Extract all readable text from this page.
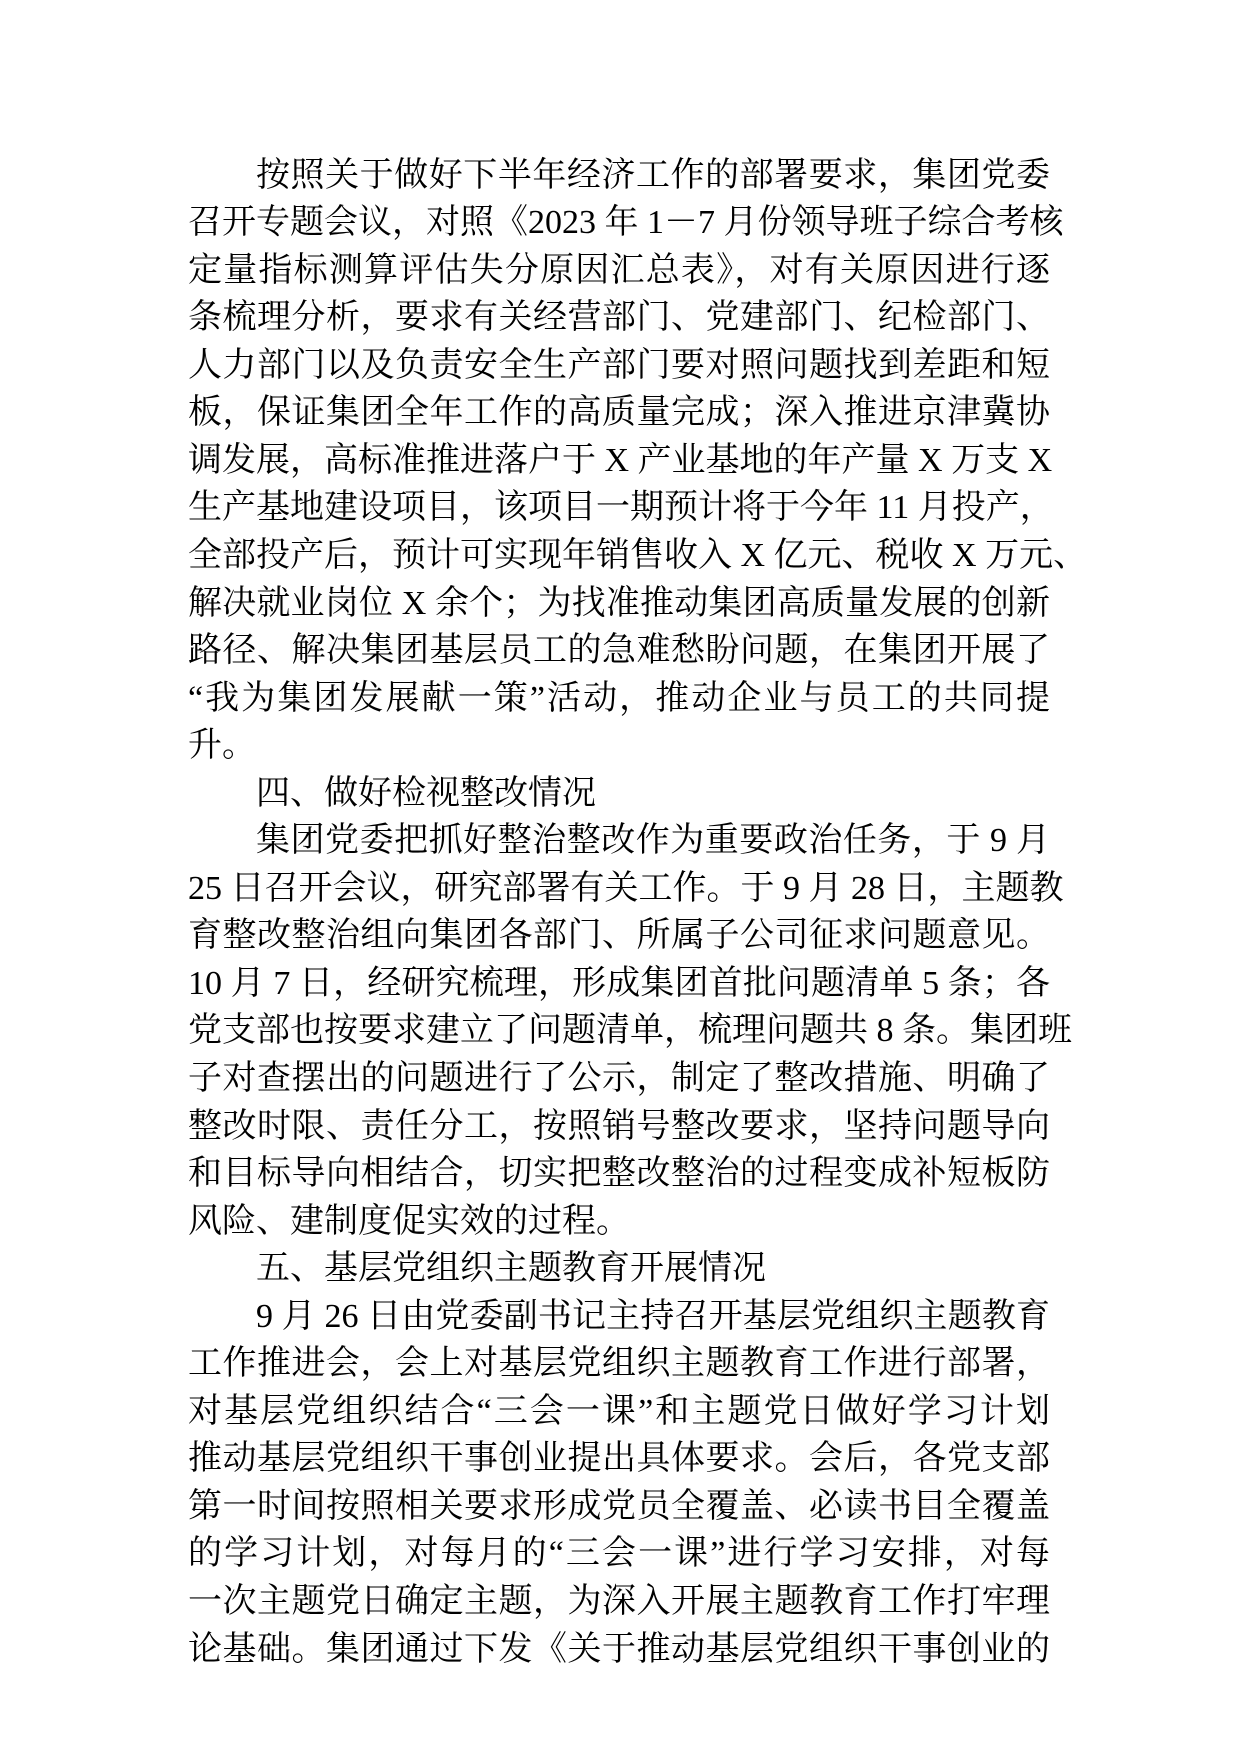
按照关于做好下半年经济工作的部署要求，集团党委
召开专题会议，对照《2023 年 1－7 月份领导班子综合考核
定量指标测算评估失分原因汇总表》，对有关原因进行逐
条梳理分析，要求有关经营部门、党建部门、纪检部门、
人力部门以及负责安全生产部门要对照问题找到差距和短
板，保证集团全年工作的高质量完成；深入推进京津冀协
调发展，高标准推进落户于 X 产业基地的年产量 X 万支 X
生产基地建设项目，该项目一期预计将于今年 11 月投产，
全部投产后，预计可实现年销售收入 X 亿元、税收 X 万元、
解决就业岗位 X 余个；为找准推动集团高质量发展的创新
路径、解决集团基层员工的急难愁盼问题，在集团开展了
“我为集团发展献一策”活动，推动企业与员工的共同提
升。
四、做好检视整改情况
集团党委把抓好整治整改作为重要政治任务，于 9 月
25 日召开会议，研究部署有关工作。于 9 月 28 日，主题教
育整改整治组向集团各部门、所属子公司征求问题意见。
10 月 7 日，经研究梳理，形成集团首批问题清单 5 条；各
党支部也按要求建立了问题清单，梳理问题共 8 条。集团班
子对查摆出的问题进行了公示，制定了整改措施、明确了
整改时限、责任分工，按照销号整改要求，坚持问题导向
和目标导向相结合，切实把整改整治的过程变成补短板防
风险、建制度促实效的过程。
五、基层党组织主题教育开展情况
9 月 26 日由党委副书记主持召开基层党组织主题教育
工作推进会，会上对基层党组织主题教育工作进行部署，
对基层党组织结合“三会一课”和主题党日做好学习计划
推动基层党组织干事创业提出具体要求。会后，各党支部
第一时间按照相关要求形成党员全覆盖、必读书目全覆盖
的学习计划，对每月的“三会一课”进行学习安排，对每
一次主题党日确定主题，为深入开展主题教育工作打牢理
论基础。集团通过下发《关于推动基层党组织干事创业的
